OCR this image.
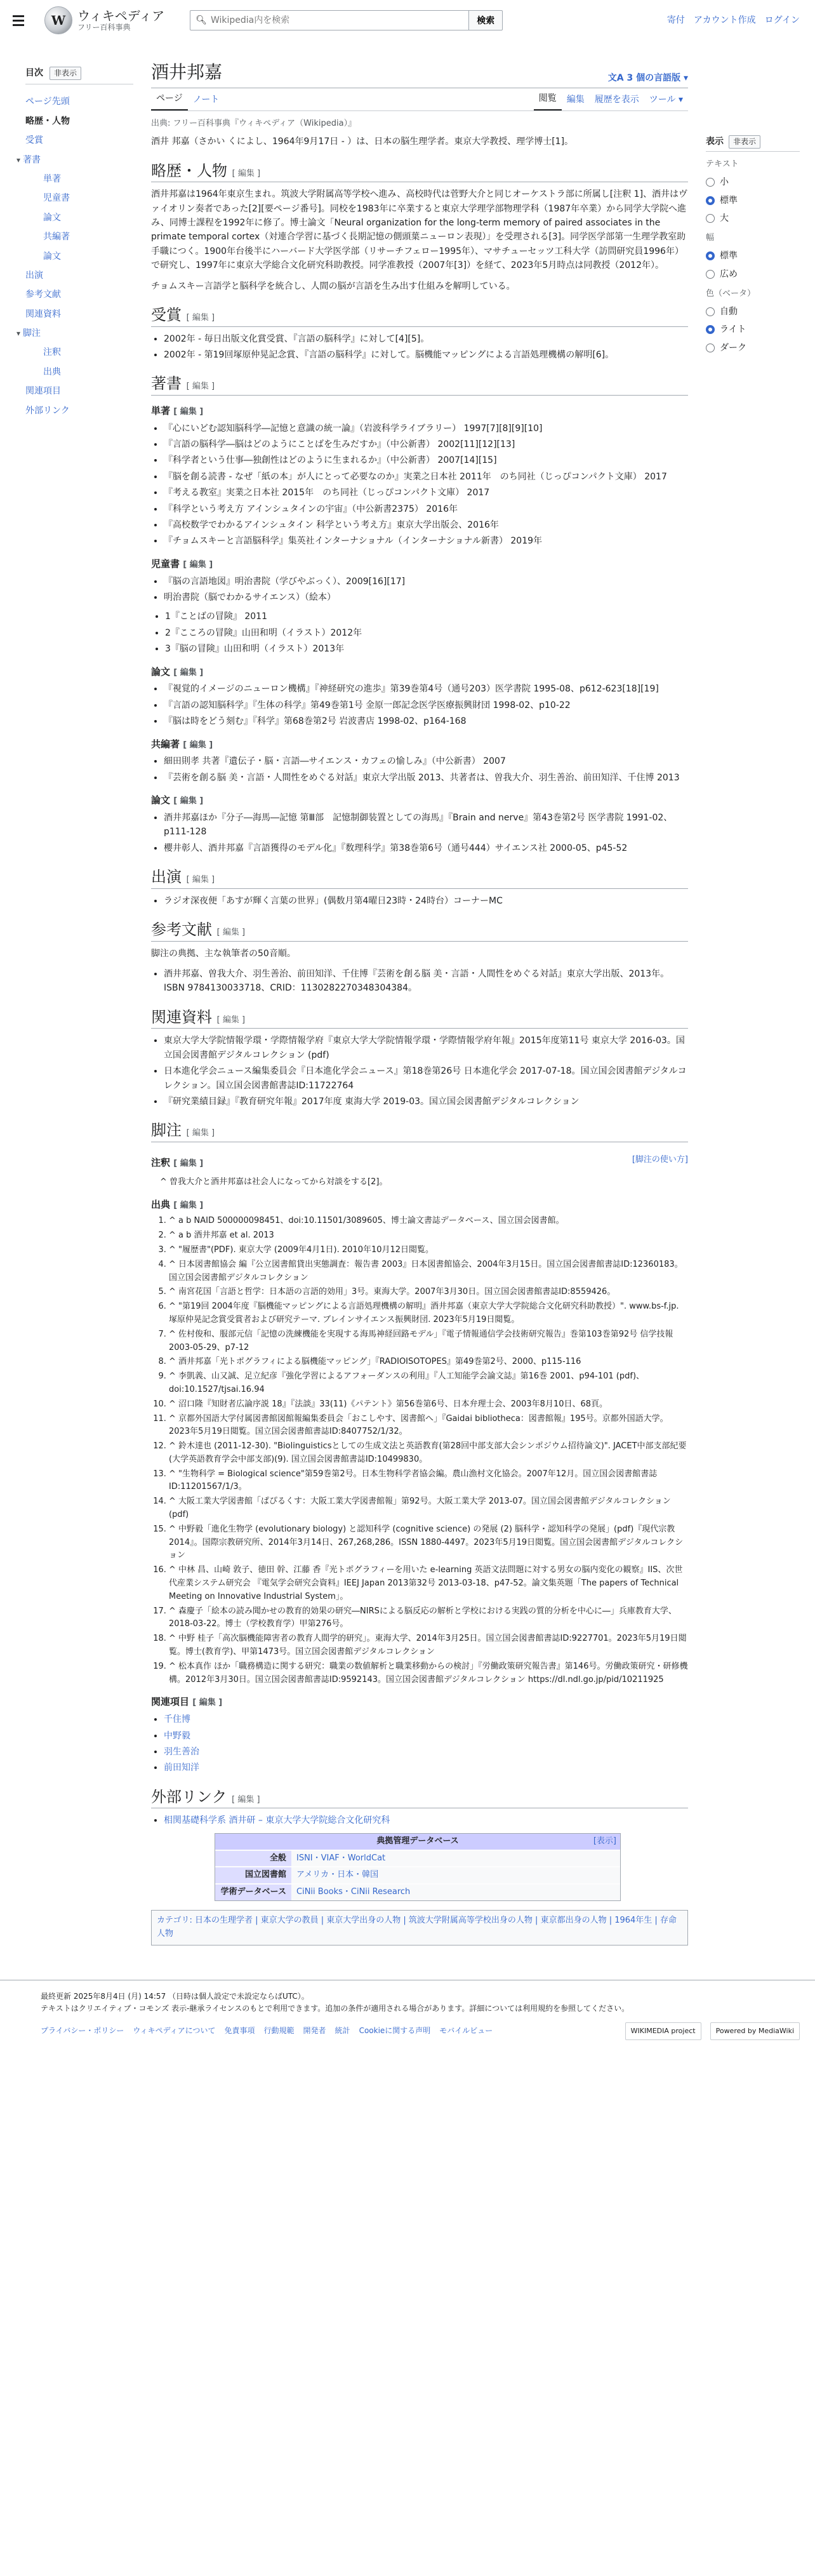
W ウィキペディア
フリー百科事典
🔍︎
Wikipedia内を検索	検索	寄付 アカウント作成 ログイン
目次	非表示
ページ先頭
略歴・人物
受賞
▾ 著書
単著
児童書
論文
共編著
論文
出演
参考文献
関連資料
▾ 脚注
注釈
出典
関連項目
外部リンク
酒井邦嘉	文A 3 個の言語版 ▾
ページ	ノート	閲覧	編集	履歴を表示	ツール ▾
出典: フリー百科事典『ウィキペディア（Wikipedia）』

酒井 邦嘉（さかい くによし、1964年9月17日 - ）は、日本の脳生理学者。東京大学教授、理学博士[1]。

略歴・人物 [ 編集 ]

酒井邦嘉は1964年東京生まれ。筑波大学附属高等学校へ進み、高校時代は菅野大介と同じオーケストラ部に所属し[注釈 1]、酒井はヴァイオリン奏者であった[2][要ページ番号]。同校を1983年に卒業すると東京大学理学部物理学科（1987年卒業）から同学大学院へ進み、同博士課程を1992年に修了。博士論文「Neural organization for the long-term memory of paired associates in the primate temporal cortex（対連合学習に基づく長期記憶の側頭葉ニューロン表現）」を受理される[3]。同学医学部第一生理学教室助手職につく。1900年台後半にハーバード大学医学部（リサーチフェロー1995年）、マサチューセッツ工科大学（訪問研究員1996年）で研究し、1997年に東京大学総合文化研究科助教授。同学准教授（2007年[3]）を経て、2023年5月時点は同教授（2012年）。

チョムスキー言語学と脳科学を統合し、人間の脳が言語を生み出す仕組みを解明している。

受賞 [ 編集 ]
• 2002年 - 毎日出版文化賞受賞、『言語の脳科学』に対して[4][5]。
• 2002年 - 第19回塚原仲晃記念賞、『言語の脳科学』に対して。脳機能マッピングによる言語処理機構の解明[6]。
著書 [ 編集 ]
単著 [ 編集 ]
• 『心にいどむ認知脳科学―記憶と意識の統一論』（岩波科学ライブラリー） 1997[7][8][9][10]
• 『言語の脳科学―脳はどのようにことばを生みだすか』（中公新書） 2002[11][12][13]
• 『科学者という仕事―独創性はどのように生まれるか』（中公新書） 2007[14][15]
• 『脳を創る読書 - なぜ「紙の本」が人にとって必要なのか』実業之日本社 2011年　のち同社（じっぴコンパクト文庫） 2017
• 『考える教室』実業之日本社 2015年　のち同社（じっぴコンパクト文庫） 2017
• 『科学という考え方 アインシュタインの宇宙』（中公新書2375） 2016年
• 『高校数学でわかるアインシュタイン 科学という考え方』東京大学出版会、2016年
• 『チョムスキーと言語脳科学』集英社インターナショナル（インターナショナル新書） 2019年
児童書 [ 編集 ]
• 『脳の言語地図』明治書院（学びやぶっく）、2009[16][17]
• 明治書院（脳でわかるサイエンス）（絵本）
• 1『ことばの冒険』 2011
• 2『こころの冒険』山田和明（イラスト）2012年
• 3『脳の冒険』山田和明（イラスト）2013年
論文 [ 編集 ]
• 『視覚的イメージのニューロン機構』『神経研究の進歩』第39巻第4号（通号203）医学書院 1995-08、p612-623[18][19]
• 『言語の認知脳科学』『生体の科学』第49巻第1号 金原一郎記念医学医療振興財団 1998-02、p10-22
• 『脳は時をどう刻む』『科学』第68巻第2号 岩波書店 1998-02、p164-168
共編著 [ 編集 ]
• 細田則孝 共著『遺伝子・脳・言語―サイエンス・カフェの愉しみ』（中公新書） 2007
• 『芸術を創る脳 美・言語・人間性をめぐる対話』東京大学出版 2013、共著者は、曽我大介、羽生善治、前田知洋、千住博 2013
論文 [ 編集 ]
• 酒井邦嘉ほか『分子―海馬―記憶 第Ⅲ部　記憶制御装置としての海馬』『Brain and nerve』第43巻第2号 医学書院 1991-02、p111-128
• 櫻井彰人、酒井邦嘉『言語獲得のモデル化』『数理科学』第38巻第6号（通号444）サイエンス社 2000-05、p45-52
出演 [ 編集 ]
• ラジオ深夜便「あすが輝く言葉の世界」(偶数月第4曜日23時・24時台）コーナーMC
参考文献 [ 編集 ]

脚注の典拠、主な執筆者の50音順。

• 酒井邦嘉、曽我大介、羽生善治、前田知洋、千住博『芸術を創る脳 美・言語・人間性をめぐる対話』東京大学出版、2013年。ISBN 9784130033718、CRID：1130282270348304384。
関連資料 [ 編集 ]
• 東京大学大学院情報学環・学際情報学府『東京大学大学院情報学環・学際情報学府年報』2015年度第11号 東京大学 2016-03。国立国会図書館デジタルコレクション (pdf)
• 日本進化学会ニュース編集委員会『日本進化学会ニュース』第18巻第26号 日本進化学会 2017-07-18。国立国会図書館デジタルコレクション。国立国会図書館書誌ID:11722764
• 『研究業績目録』『教育研究年報』2017年度 東海大学 2019-03。国立国会図書館デジタルコレクション
脚注 [ 編集 ]
注釈 [ 編集 ]	[脚注の使い方]
^ 曽我大介と酒井邦嘉は社会人になってから対談をする[2]。
出典 [ 編集 ]
1. ^ a b NAID 500000098451、doi:10.11501/3089605、博士論文書誌データベース、国立国会図書館。
2. ^ a b 酒井邦嘉 et al. 2013
3. ^ "履歴書"(PDF). 東京大学 (2009年4月1日). 2010年10月12日閲覧。
4. ^ 日本図書館協会 編『公立図書館貸出実態調査：報告書 2003』日本図書館協会、2004年3月15日。国立国会図書館書誌ID:12360183。国立国会図書館デジタルコレクション
5. ^ 南宮花国「言語と哲学：日本語の言語的効用」3号。東海大学。2007年3月30日。国立国会図書館書誌ID:8559426。
6. ^ "第19回 2004年度『脳機能マッピングによる言語処理機構の解明』酒井邦嘉（東京大学大学院総合文化研究科助教授）". www.bs-f.jp. 塚原仲晃記念賞受賞者および研究テーマ. ブレインサイエンス振興財団. 2023年5月19日閲覧。
7. ^ 佐村俊和、服部元信「記憶の洗練機能を実現する海馬神経回路モデル」『電子情報通信学会技術研究報告』巻第103巻第92号 信学技報 2003-05-29、p7-12
8. ^ 酒井邦嘉「光トポグラフィによる脳機能マッピング」『RADIOISOTOPES』第49巻第2号、2000、p115-116
9. ^ 李凱義、山又誠、足立紀彦『強化学習によるアフォーダンスの利用』『人工知能学会論文誌』第16巻 2001、p94-101 (pdf)、doi:10.1527/tjsai.16.94
10. ^ 沼口隆『知財者広論序説 18』『法談』33(11)《パテント》第56巻第6号、日本弁理士会、2003年8月10日、68頁。
11. ^ 京都外国語大学付属図書館図館報編集委員会「おこしやす、図書館へ」『Gaidai bibliotheca：図書館報』195号。京都外国語大学。2023年5月19日閲覧。国立国会図書館書誌ID:8407752/1/32。
12. ^ 鈴木達也 (2011-12-30). "Biolinguisticsとしての生成文法と英語教育(第28回中部支部大会シンポジウム招待論文)". JACET中部支部紀要(大学英語教育学会中部支部)(9). 国立国会図書館書誌ID:10499830。
13. ^ "生物科学 = Biological science"第59巻第2号。日本生物科学者協会編。農山漁村文化協会。2007年12月。国立国会図書館書誌ID:11201567/1/3。
14. ^ 大阪工業大学図書館「ぱぴるくす：大阪工業大学図書館報」第92号。大阪工業大学 2013-07。国立国会図書館デジタルコレクション (pdf)
15. ^ 中野毅「進化生物学 (evolutionary biology) と認知科学 (cognitive science) の発展 (2) 脳科学・認知科学の発展」(pdf)『現代宗教2014』。国際宗教研究所、2014年3月14日、267,268,286。ISSN 1880-4497。2023年5月19日閲覧。国立国会図書館デジタルコレクション
16. ^ 中林 昌、山崎 敦子、徳田 幹、江藤 香『光トポグラフィーを用いた e-learning 英語文法問題に対する男女の脳内変化の観察』IIS、次世代産業システム研究会 『電気学会研究会資料』IEEJ Japan 2013第32号 2013-03-18、p47-52。論文集英題「The papers of Technical Meeting on Innovative Industrial System」。
17. ^ 森慶子「絵本の読み聞かせの教育的効果の研究―NIRSによる脳反応の解析と学校における実践の質的分析を中心に―」兵庫教育大学、2018-03-22。博士（学校教育学）甲第276号。
18. ^ 中野 桂子「高次脳機能障害者の教育人間学的研究」。東海大学、2014年3月25日。国立国会図書館書誌ID:9227701。2023年5月19日閲覧。博士(教育学)、甲第1473号。国立国会図書館デジタルコレクション
19. ^ 松本真作 ほか「職務構造に関する研究：職業の数値解析と職業移動からの検討」『労働政策研究報告書』第146号。労働政策研究・研修機構。2012年3月30日。国立国会図書館書誌ID:9592143。国立国会図書館デジタルコレクション https://dl.ndl.go.jp/pid/10211925
関連項目 [ 編集 ]
• 千住博
• 中野毅
• 羽生善治
• 前田知洋
外部リンク [ 編集 ]
• 相関基礎科学系 酒井研 – 東京大学大学院総合文化研究科
典拠管理データベース	[表示]
全般	ISNI・VIAF・WorldCat
国立図書館	アメリカ・日本・韓国
学術データベース	CiNii Books・CiNii Research
カテゴリ: 日本の生理学者 | 東京大学の教員 | 東京大学出身の人物 | 筑波大学附属高等学校出身の人物 | 東京都出身の人物 | 1964年生 | 存命人物
表示	非表示
テキスト
小
標準
大
幅
標準
広め
色（ベータ）
自動
ライト
ダーク
最終更新 2025年8月4日 (月) 14:57 （日時は個人設定で未設定ならばUTC）。
テキストはクリエイティブ・コモンズ 表示-継承ライセンスのもとで利用できます。追加の条件が適用される場合があります。詳細については利用規約を参照してください。
プライバシー・ポリシー ウィキペディアについて 免責事項 行動規範 開発者 統計 Cookieに関する声明 モバイルビュー	WIKIMEDIA project	Powered by MediaWiki
